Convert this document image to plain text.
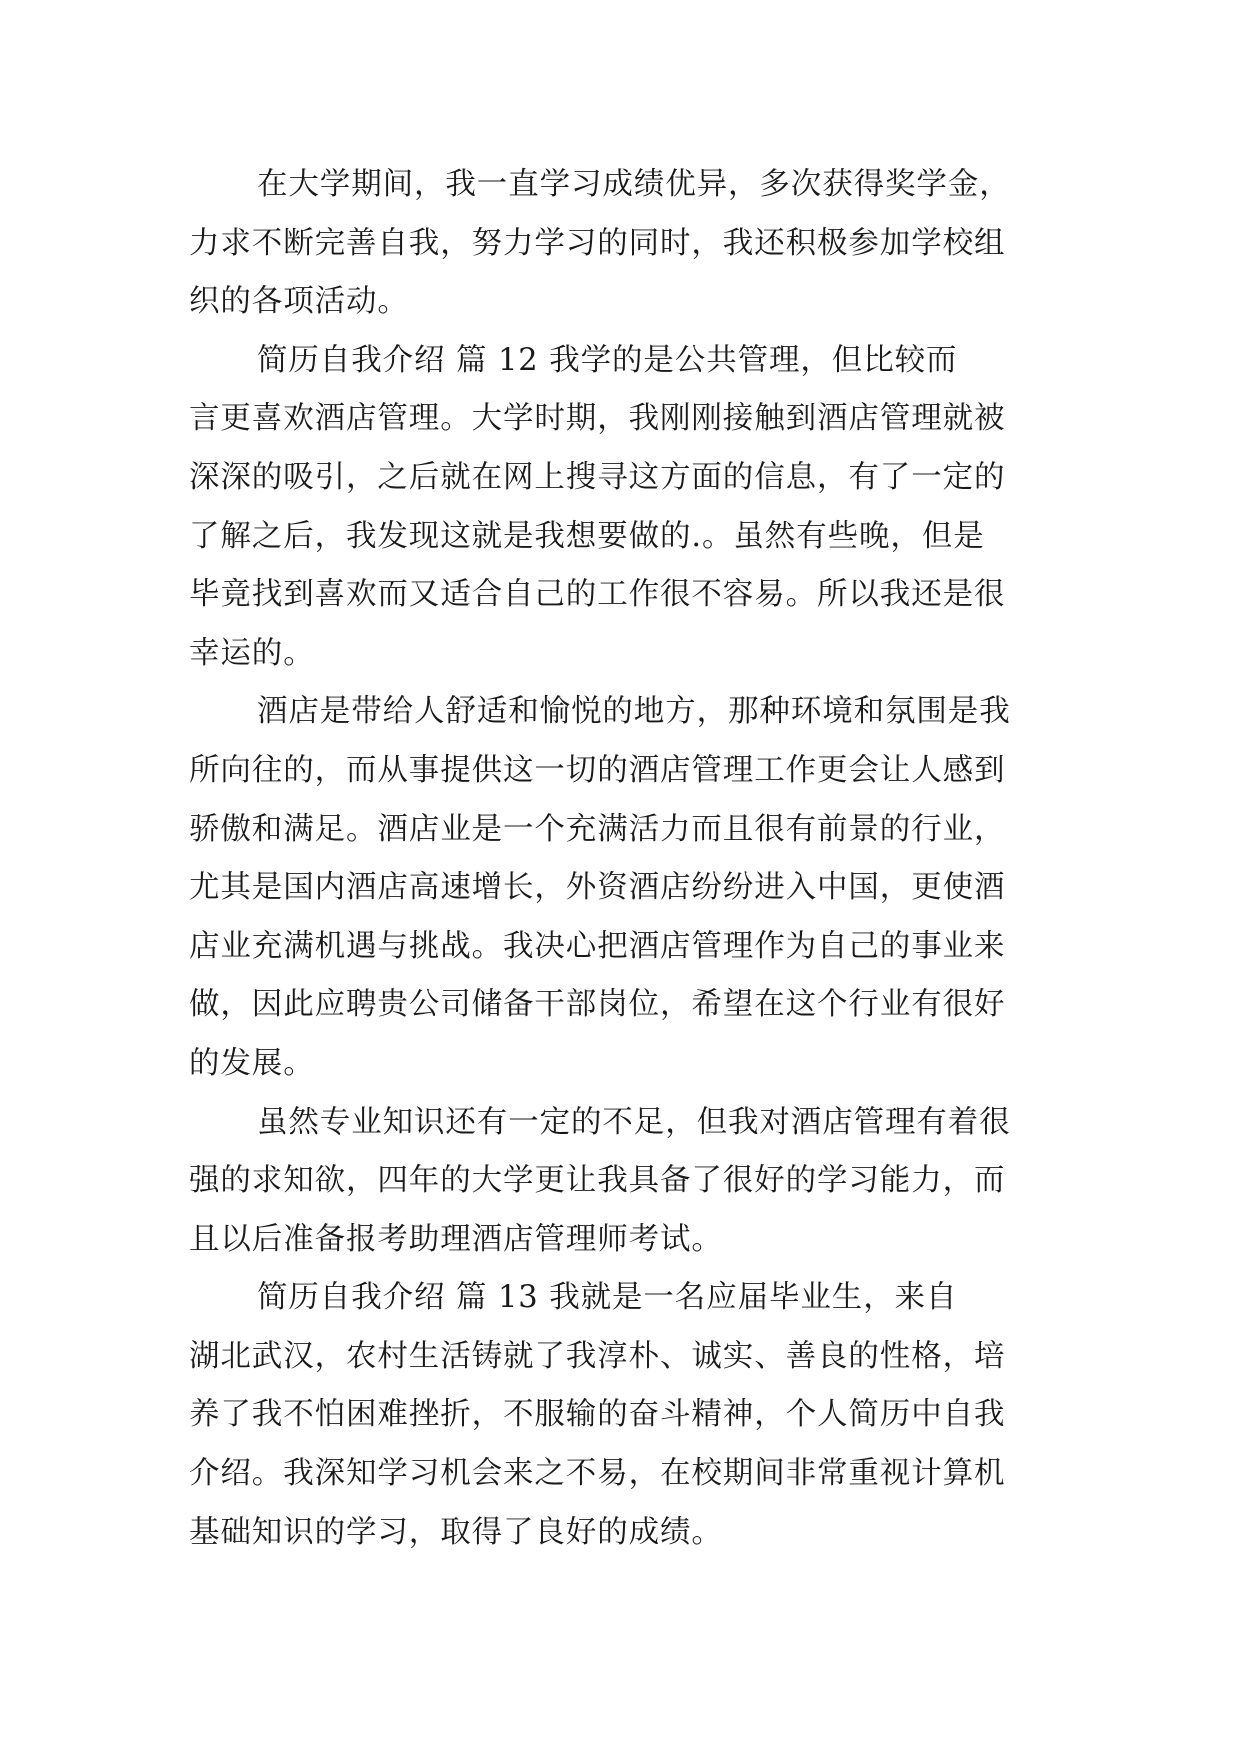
在大学期间，我一直学习成绩优异，多次获得奖学金，
力求不断完善自我，努力学习的同时，我还积极参加学校组
织的各项活动。
简历自我介绍 篇 12 我学的是公共管理，但比较而
言更喜欢酒店管理。大学时期，我刚刚接触到酒店管理就被
深深的吸引，之后就在网上搜寻这方面的信息，有了一定的
了解之后，我发现这就是我想要做的.。虽然有些晚，但是
毕竟找到喜欢而又适合自己的工作很不容易。所以我还是很
幸运的。
酒店是带给人舒适和愉悦的地方，那种环境和氛围是我
所向往的，而从事提供这一切的酒店管理工作更会让人感到
骄傲和满足。酒店业是一个充满活力而且很有前景的行业，
尤其是国内酒店高速增长，外资酒店纷纷进入中国，更使酒
店业充满机遇与挑战。我决心把酒店管理作为自己的事业来
做，因此应聘贵公司储备干部岗位，希望在这个行业有很好
的发展。
虽然专业知识还有一定的不足，但我对酒店管理有着很
强的求知欲，四年的大学更让我具备了很好的学习能力，而
且以后准备报考助理酒店管理师考试。
简历自我介绍 篇 13 我就是一名应届毕业生，来自
湖北武汉，农村生活铸就了我淳朴、诚实、善良的性格，培
养了我不怕困难挫折，不服输的奋斗精神，个人简历中自我
介绍。我深知学习机会来之不易，在校期间非常重视计算机
基础知识的学习，取得了良好的成绩。
